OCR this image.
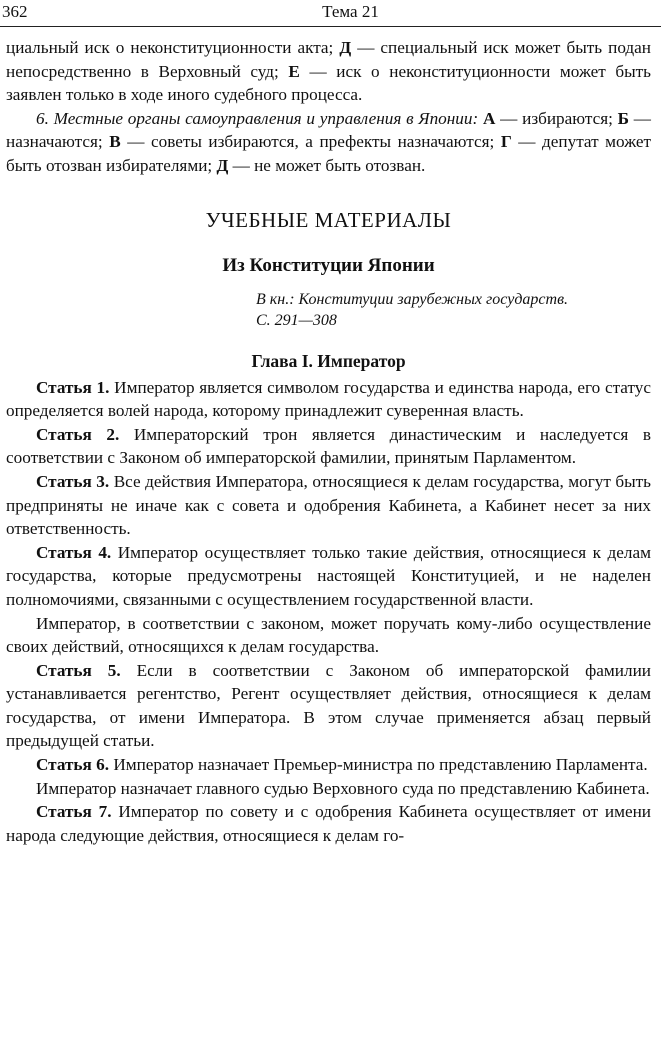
362	Тема 21

циальный иск о неконституционности акта; Д — специальный иск может быть подан непосредственно в Верховный суд; Е — иск о неконституционности может быть заявлен только в ходе иного судебного процесса.

6. Местные органы самоуправления и управления в Японии: А — избираются; Б — назначаются; В — советы избираются, а префекты назначаются; Г — депутат может быть отозван избирателями; Д — не может быть отозван.

УЧЕБНЫЕ МАТЕРИАЛЫ
Из Конституции Японии
В кн.: Конституции зарубежных государств.
С. 291—308
Глава I. Император

Статья 1. Император является символом государства и единства народа, его статус определяется волей народа, которому принадлежит суверенная власть.

Статья 2. Императорский трон является династическим и наследуется в соответствии с Законом об императорской фамилии, принятым Парламентом.

Статья 3. Все действия Императора, относящиеся к делам государства, могут быть предприняты не иначе как с совета и одобрения Кабинета, а Кабинет несет за них ответственность.

Статья 4. Император осуществляет только такие действия, относящиеся к делам государства, которые предусмотрены настоящей Конституцией, и не наделен полномочиями, связанными с осуществлением государственной власти.

Император, в соответствии с законом, может поручать кому-либо осуществление своих действий, относящихся к делам государства.

Статья 5. Если в соответствии с Законом об императорской фамилии устанавливается регентство, Регент осуществляет действия, относящиеся к делам государства, от имени Императора. В этом случае применяется абзац первый предыдущей статьи.

Статья 6. Император назначает Премьер-министра по представлению Парламента.

Император назначает главного судью Верховного суда по представлению Кабинета.

Статья 7. Император по совету и с одобрения Кабинета осуществляет от имени народа следующие действия, относящиеся к делам го-
